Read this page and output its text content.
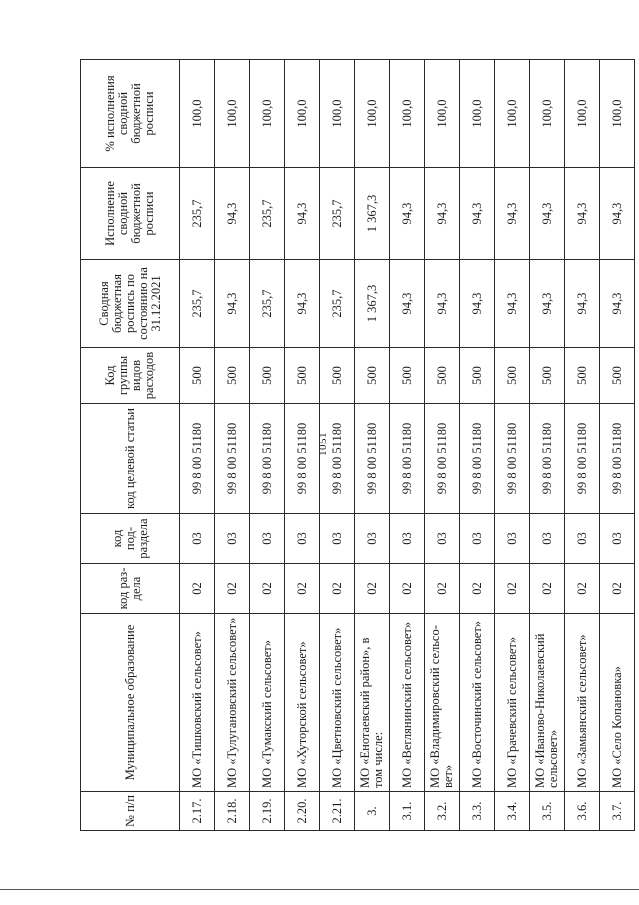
1051
№ п/п	Муниципальное образование	код раз-дела	код под-раздела	код целевой статьи	Код группы видов расходов	Сводная бюджетная роспись по состоянию на 31.12.2021	Исполнение сводной бюджетной росписи	% исполнения сводной бюджетной росписи
2.17.	МО «Тишковский сельсовет»	02	03	99 8 00 51180	500	235,7	235,7	100,0
2.18.	МО «Тулугановский сельсовет»	02	03	99 8 00 51180	500	94,3	94,3	100,0
2.19.	МО «Тумакский сельсовет»	02	03	99 8 00 51180	500	235,7	235,7	100,0
2.20.	МО «Хуторской сельсовет»	02	03	99 8 00 51180	500	94,3	94,3	100,0
2.21.	МО «Цветновский сельсовет»	02	03	99 8 00 51180	500	235,7	235,7	100,0
3.	МО «Енотаевский район», в том числе:	02	03	99 8 00 51180	500	1 367,3	1 367,3	100,0
3.1.	МО «Веглянинский сельсовет»	02	03	99 8 00 51180	500	94,3	94,3	100,0
3.2.	МО «Владимировский сельсо-вет»	02	03	99 8 00 51180	500	94,3	94,3	100,0
3.3.	МО «Восточинский сельсовет»	02	03	99 8 00 51180	500	94,3	94,3	100,0
3.4.	МО «Грачевский сельсовет»	02	03	99 8 00 51180	500	94,3	94,3	100,0
3.5.	МО «Иваново-Николаевский сельсовет»	02	03	99 8 00 51180	500	94,3	94,3	100,0
3.6.	МО «Замьянский сельсовет»	02	03	99 8 00 51180	500	94,3	94,3	100,0
3.7.	МО «Село Копановка»	02	03	99 8 00 51180	500	94,3	94,3	100,0
